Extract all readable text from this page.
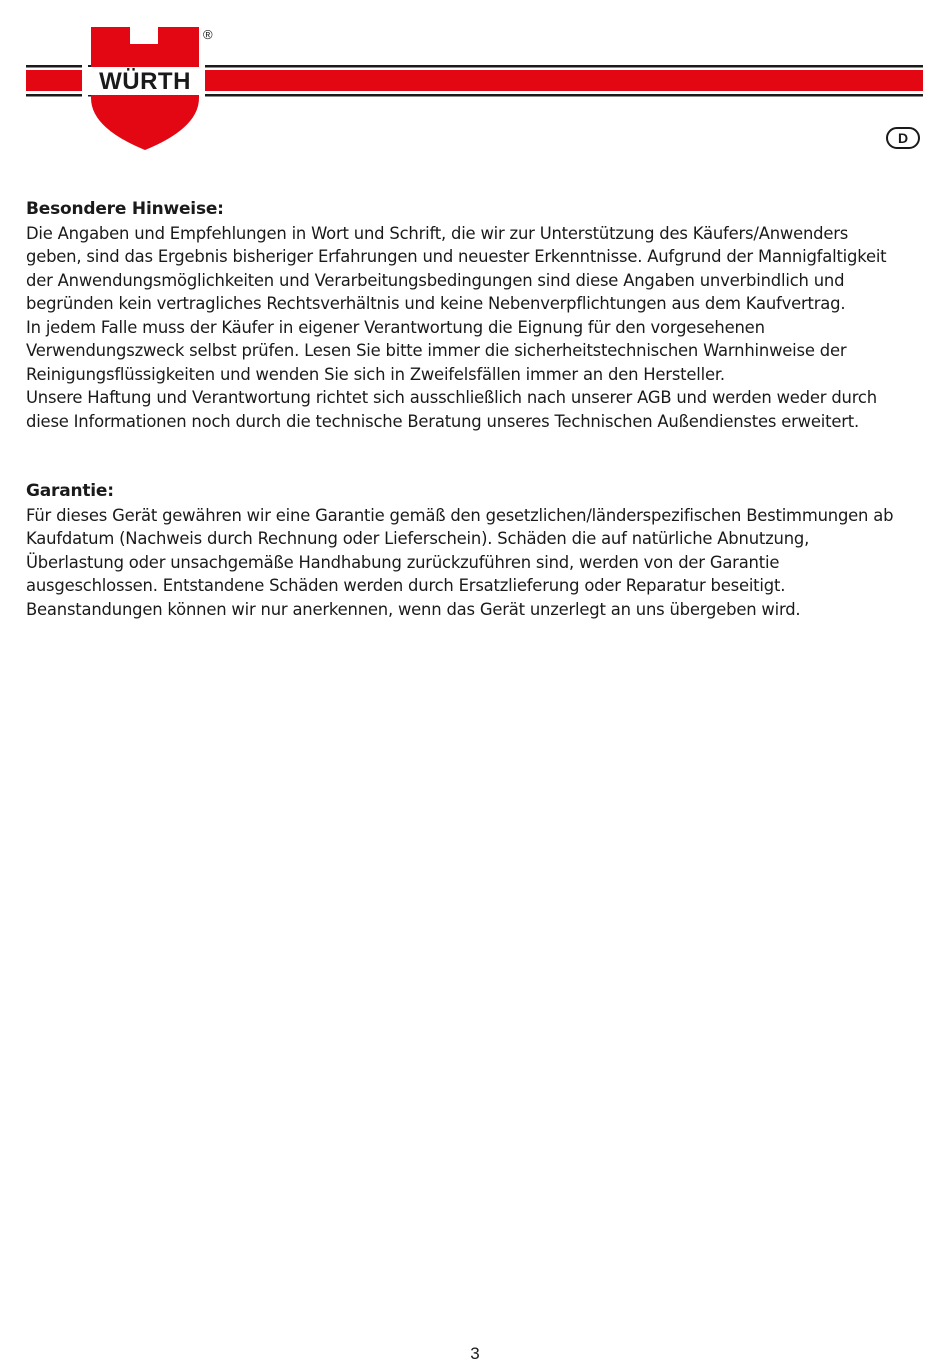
WÜRTH
®
D

Besondere Hinweise:

Die Angaben und Empfehlungen in Wort und Schrift, die wir zur Unterstützung des Käufers/Anwenders geben, sind das Ergebnis bisheriger Erfahrungen und neuester Erkenntnisse. Aufgrund der Mannigfaltigkeit der Anwendungsmöglichkeiten und Verarbeitungsbedingungen sind diese Angaben unverbindlich und begründen kein vertragliches Rechtsverhältnis und keine Nebenverpflichtungen aus dem Kaufvertrag.

In jedem Falle muss der Käufer in eigener Verantwortung die Eignung für den vorgesehenen Verwendungszweck selbst prüfen. Lesen Sie bitte immer die sicherheitstechnischen Warnhinweise der Reinigungsflüssigkeiten und wenden Sie sich in Zweifelsfällen immer an den Hersteller.

Unsere Haftung und Verantwortung richtet sich ausschließlich nach unserer AGB und werden weder durch diese Informationen noch durch die technische Beratung unseres Technischen Außendienstes erweitert.

Garantie:

Für dieses Gerät gewähren wir eine Garantie gemäß den gesetzlichen/länderspezifischen Bestimmungen ab Kaufdatum (Nachweis durch Rechnung oder Lieferschein). Schäden die auf natürliche Abnutzung, Überlastung oder unsachgemäße Handhabung zurückzuführen sind, werden von der Garantie ausgeschlossen. Entstandene Schäden werden durch Ersatzlieferung oder Reparatur beseitigt. Beanstandungen können wir nur anerkennen, wenn das Gerät unzerlegt an uns übergeben wird.

3
